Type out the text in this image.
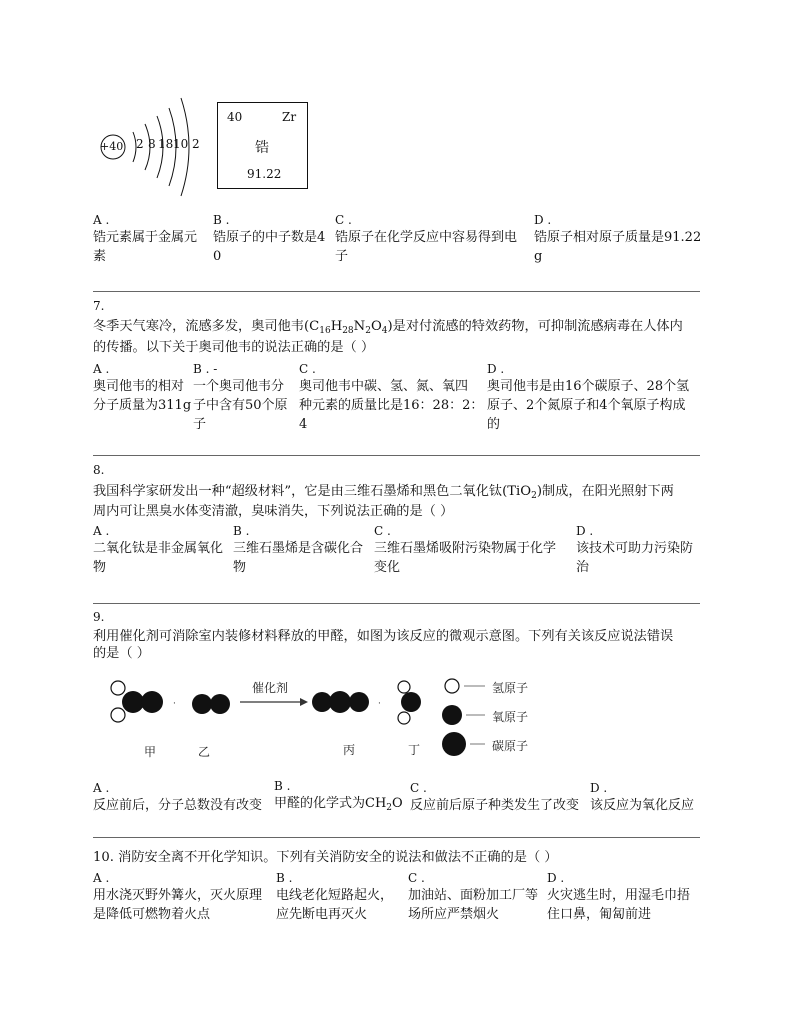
+40 2 8 18 10 2
40	Zr
锆
91.22
A .
锆元素属于金属元
素
B .
锆原子的中子数是4
0
C .
锆原子在化学反应中容易得到电
子
D .
锆原子相对原子质量是91.22
g
7.
冬季天气寒冷，流感多发，奥司他韦$(C_{16}H_{28}N_2O_4)$是对付流感的特效药物，可抑制流感病毒在人体内
的传播。以下关于奥司他韦的说法正确的是（ ）
A .
奥司他韦的相对
分子质量为311g
B . -
一个奥司他韦分
子中含有50个原
子
C .
奥司他韦中碳、氢、氮、氧四
种元素的质量比是16：28：2：
4
D .
奥司他韦是由16个碳原子、28个氢
原子、2个氮原子和4个氧原子构成
的
8.
我国科学家研发出一种“超级材料”，它是由三维石墨烯和黑色二氧化钛(TiO$_2$)制成，在阳光照射下两
周内可让黑臭水体变清澈，臭味消失，下列说法正确的是（ ）
A .
二氧化钛是非金属氧化
物
B .
三维石墨烯是含碳化合
物
C .
三维石墨烯吸附污染物属于化学
变化
D .
该技术可助力污染防
治
9.
利用催化剂可消除室内装修材料释放的甲醛，如图为该反应的微观示意图。下列有关该反应说法错误
的是（ ）
·	·
催化剂
甲	乙	丙	丁
氢原子
氧原子
碳原子
A .
反应前后，分子总数没有改变
B .
甲醛的化学式为$CH_2O$
C .
反应前后原子种类发生了改变
D .
该反应为氧化反应
10. 消防安全离不开化学知识。下列有关消防安全的说法和做法不正确的是（ ）
A .
用水浇灭野外篝火，灭火原理
是降低可燃物着火点
B .
电线老化短路起火，
应先断电再灭火
C .
加油站、面粉加工厂等
场所应严禁烟火
D .
火灾逃生时，用湿毛巾捂
住口鼻，匍匐前进
